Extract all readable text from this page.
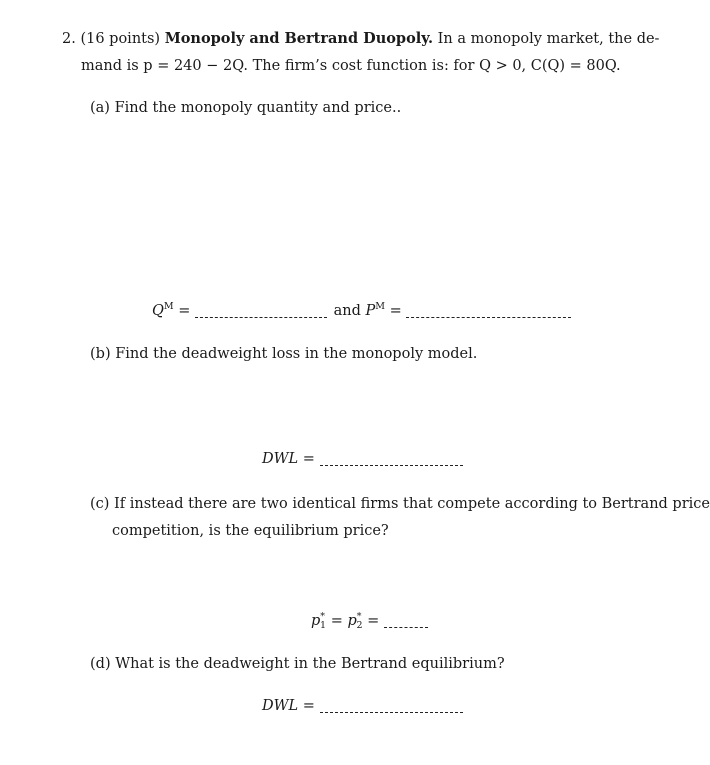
2. (16 points) Monopoly and Bertrand Duopoly. In a monopoly market, the de-
mand is p = 240 − 2Q. The firm’s cost function is: for Q > 0, C(Q) = 80Q.
(a) Find the monopoly quantity and price..
$Q^M$ =	and $P^M$ =
(b) Find the deadweight loss in the monopoly model.
DWL =
(c) If instead there are two identical firms that compete according to Bertrand price
competition, is the equilibrium price?
$p^*_1 = p^*_2$ =
(d) What is the deadweight in the Bertrand equilibrium?
DWL =
